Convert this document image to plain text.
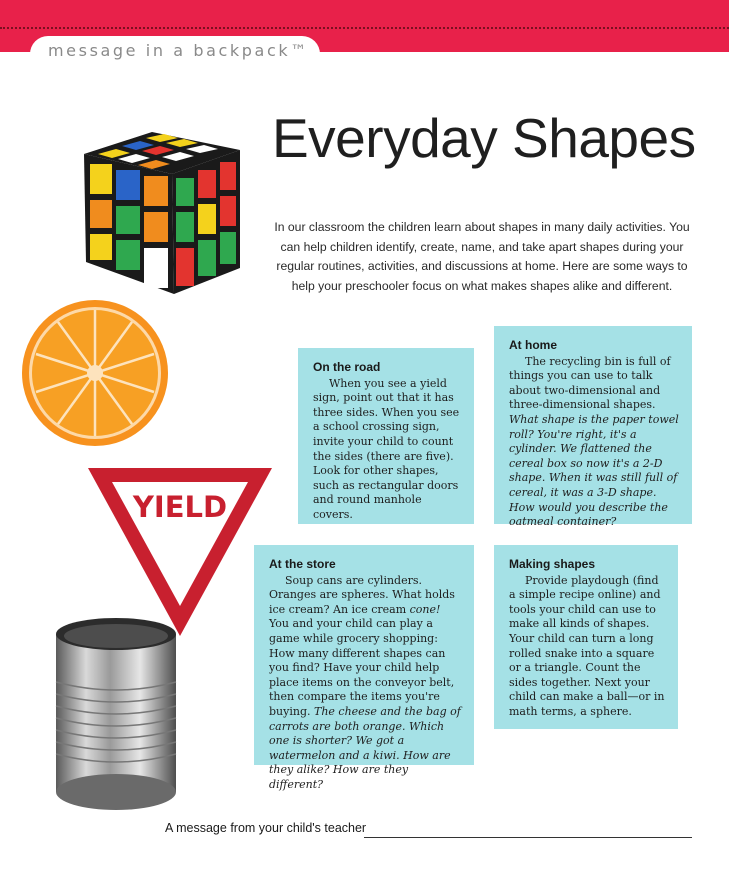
message in a backpack™
Everyday Shapes
In our classroom the children learn about shapes in many daily activities. You can help children identify, create, name, and take apart shapes during your regular routines, activities, and discussions at home. Here are some ways to help your preschooler focus on what makes shapes alike and different.
YIELD
On the road

When you see a yield sign, point out that it has three sides. When you see a school crossing sign, invite your child to count the sides (there are five). Look for other shapes, such as rectangular doors and round manhole covers.

At home

The recycling bin is full of things you can use to talk about two-dimensional and three-dimensional shapes. What shape is the paper towel roll? You're right, it's a cylinder. We flattened the cereal box so now it's a 2-D shape. When it was still full of cereal, it was a 3-D shape. How would you describe the oatmeal container?

At the store

Soup cans are cylinders. Oranges are spheres. What holds ice cream? An ice cream cone! You and your child can play a game while grocery shopping: How many different shapes can you find? Have your child help place items on the conveyor belt, then compare the items you're buying. The cheese and the bag of carrots are both orange. Which one is shorter? We got a watermelon and a kiwi. How are they alike? How are they different?

Making shapes

Provide playdough (find a simple recipe online) and tools your child can use to make all kinds of shapes. Your child can turn a long rolled snake into a square or a triangle. Count the sides together. Next your child can make a ball—or in math terms, a sphere.

A message from your child's teacher
